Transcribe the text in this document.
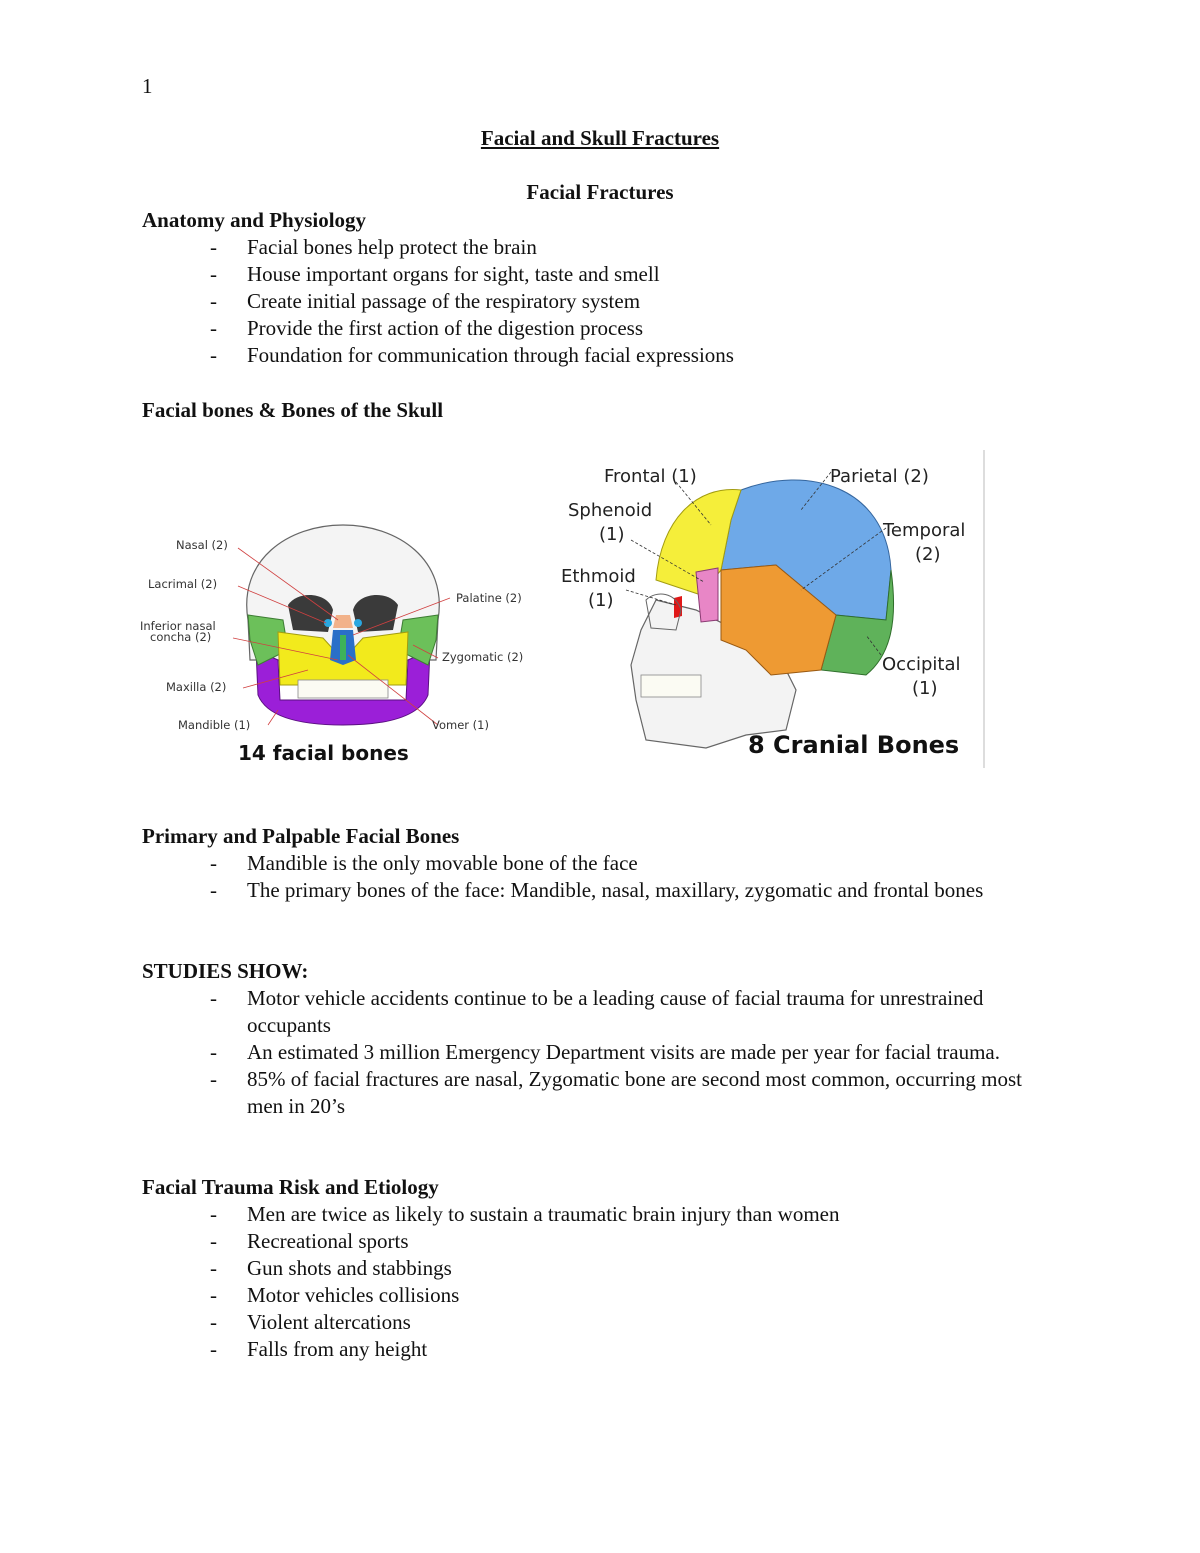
1
Facial and Skull Fractures
Facial Fractures
Anatomy and Physiology
- Facial bones help protect the brain
- House important organs for sight, taste and smell
- Create initial passage of the respiratory system
- Provide the first action of the digestion process
- Foundation for communication through facial expressions
Facial bones & Bones of the Skull
Nasal (2)
Lacrimal (2)
Inferior nasal
concha (2)
Maxilla (2)
Mandible (1)
Palatine (2)
Zygomatic (2)
Vomer (1)
14 facial bones
Frontal (1)	Parietal (2)
Sphenoid
(1)	Temporal
(2)
Ethmoid
(1)
Occipital
(1)
8 Cranial Bones
Primary and Palpable Facial Bones
- Mandible is the only movable bone of the face
- The primary bones of the face: Mandible, nasal, maxillary, zygomatic and frontal bones
STUDIES SHOW:
- Motor vehicle accidents continue to be a leading cause of facial trauma for unrestrained occupants
- An estimated 3 million Emergency Department visits are made per year for facial trauma.
- 85% of facial fractures are nasal, Zygomatic bone are second most common, occurring most men in 20’s
Facial Trauma Risk and Etiology
- Men are twice as likely to sustain a traumatic brain injury than women
- Recreational sports
- Gun shots and stabbings
- Motor vehicles collisions
- Violent altercations
- Falls from any height
